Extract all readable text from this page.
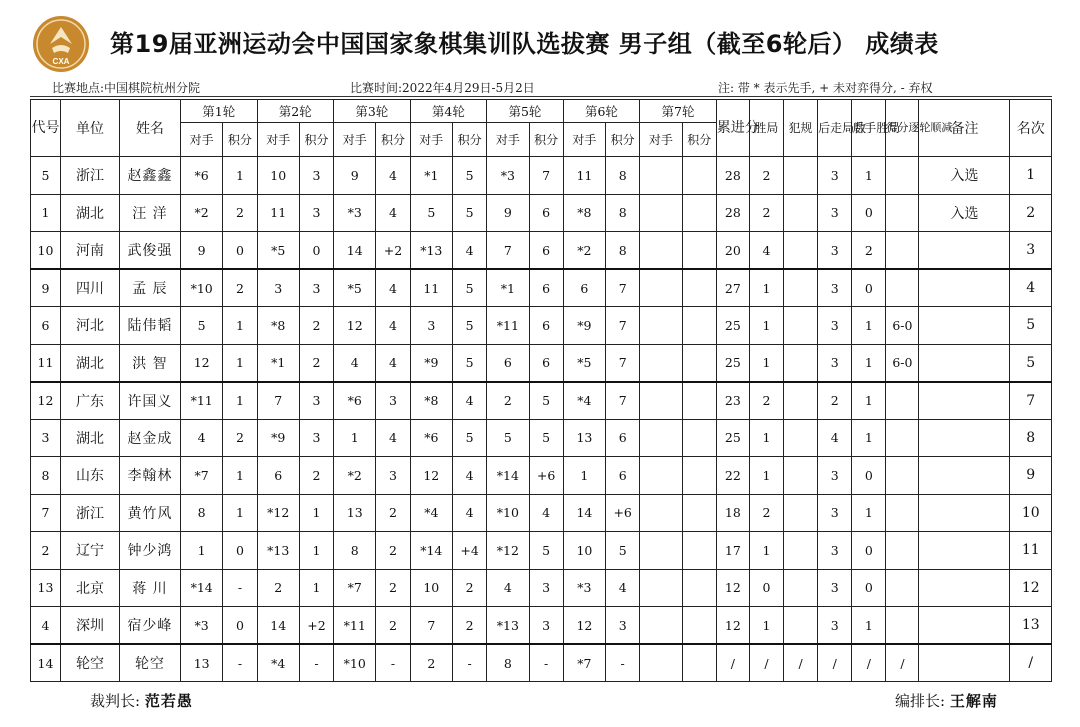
CXA
第19届亚洲运动会中国国家象棋集训队选拔赛 男子组（截至6轮后） 成绩表
比赛地点:中国棋院杭州分院	比赛时间:2022年4月29日-5月2日	注: 带 * 表示先手, + 未对弈得分, - 弃权
代号	单位	姓名	第1轮		第2轮		第3轮		第4轮		第5轮		第6轮		第7轮		累进分	胜局	犯规	后走局数	后手胜局	得分逐轮顺减	备注	名次
			对手	积分	对手	积分	对手	积分	对手	积分	对手	积分	对手	积分	对手	积分								
5	浙江	赵鑫鑫	*6	1	10	3	9	4	*1	5	*3	7	11	8			28	2		3	1		入选	1
1	湖北	汪 洋	*2	2	11	3	*3	4	5	5	9	6	*8	8			28	2		3	0		入选	2
10	河南	武俊强	9	0	*5	0	14	+2	*13	4	7	6	*2	8			20	4		3	2			3
9	四川	孟 辰	*10	2	3	3	*5	4	11	5	*1	6	6	7			27	1		3	0			4
6	河北	陆伟韬	5	1	*8	2	12	4	3	5	*11	6	*9	7			25	1		3	1	6-0		5
11	湖北	洪 智	12	1	*1	2	4	4	*9	5	6	6	*5	7			25	1		3	1	6-0		5
12	广东	许国义	*11	1	7	3	*6	3	*8	4	2	5	*4	7			23	2		2	1			7
3	湖北	赵金成	4	2	*9	3	1	4	*6	5	5	5	13	6			25	1		4	1			8
8	山东	李翰林	*7	1	6	2	*2	3	12	4	*14	+6	1	6			22	1		3	0			9
7	浙江	黄竹风	8	1	*12	1	13	2	*4	4	*10	4	14	+6			18	2		3	1			10
2	辽宁	钟少鸿	1	0	*13	1	8	2	*14	+4	*12	5	10	5			17	1		3	0			11
13	北京	蒋 川	*14	-	2	1	*7	2	10	2	4	3	*3	4			12	0		3	0			12
4	深圳	宿少峰	*3	0	14	+2	*11	2	7	2	*13	3	12	3			12	1		3	1			13
14	轮空	轮空	13	-	*4	-	*10	-	2	-	8	-	*7	-			/	/	/	/	/	/		/
裁判长: 范若愚	编排长: 王解南
